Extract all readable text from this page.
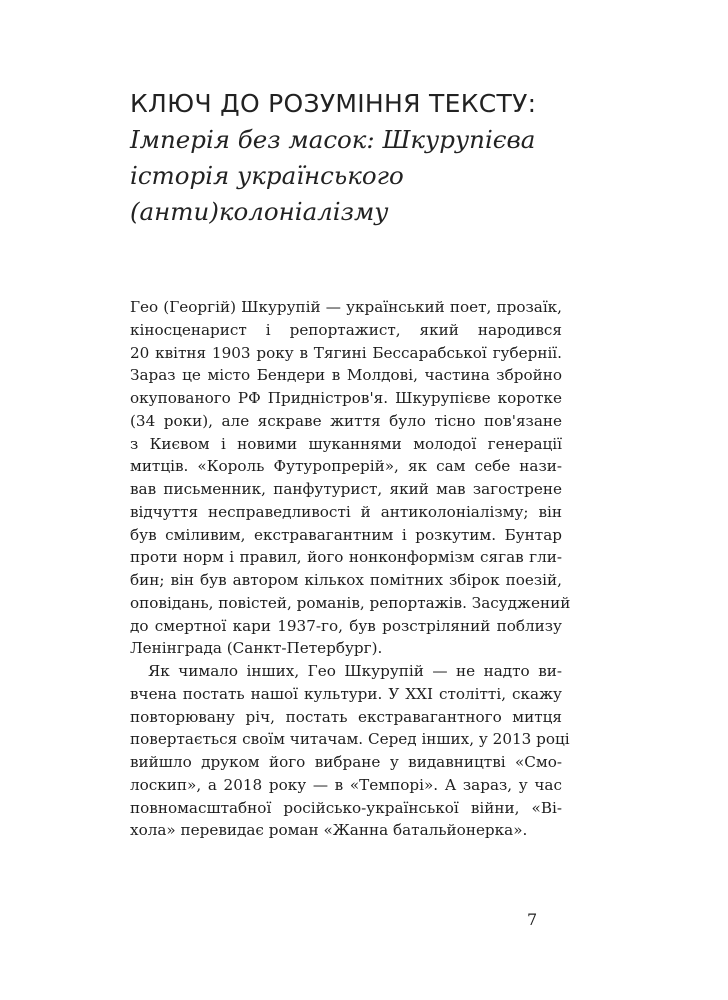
КЛЮЧ ДО РОЗУМІННЯ ТЕКСТУ:
Імперія без масок: Шкурупієва
історія українського
(анти)колоніалізму
Гео (Георгій) Шкурупій — український поет, прозаїк,
кіносценарист і репортажист, який народився
20 квітня 1903 року в Тягині Бессарабської губернії.
Зараз це місто Бендери в Молдові, частина збройно
окупованого РФ Придністров'я. Шкурупієве коротке
(34 роки), але яскраве життя було тісно пов'язане
з Києвом і новими шуканнями молодої генерації
митців. «Король Футуропрерій», як сам себе нази-
вав письменник, панфутурист, який мав загострене
відчуття несправедливості й антиколоніалізму; він
був сміливим, екстравагантним і розкутим. Бунтар
проти норм і правил, його нонконформізм сягав гли-
бин; він був автором кількох помітних збірок поезій,
оповідань, повістей, романів, репортажів. Засуджений
до смертної кари 1937-го, був розстріляний поблизу
Ленінграда (Санкт-Петербург).
Як чимало інших, Гео Шкурупій — не надто ви-
вчена постать нашої культури. У XXI столітті, скажу
повторювану річ, постать екстравагантного митця
повертається своїм читачам. Серед інших, у 2013 році
вийшло друком його вибране у видавництві «Смо-
лоскип», а 2018 року — в «Темпорі». А зараз, у час
повномасштабної російсько-української війни, «Ві-
хола» перевидає роман «Жанна батальйонерка».
7
